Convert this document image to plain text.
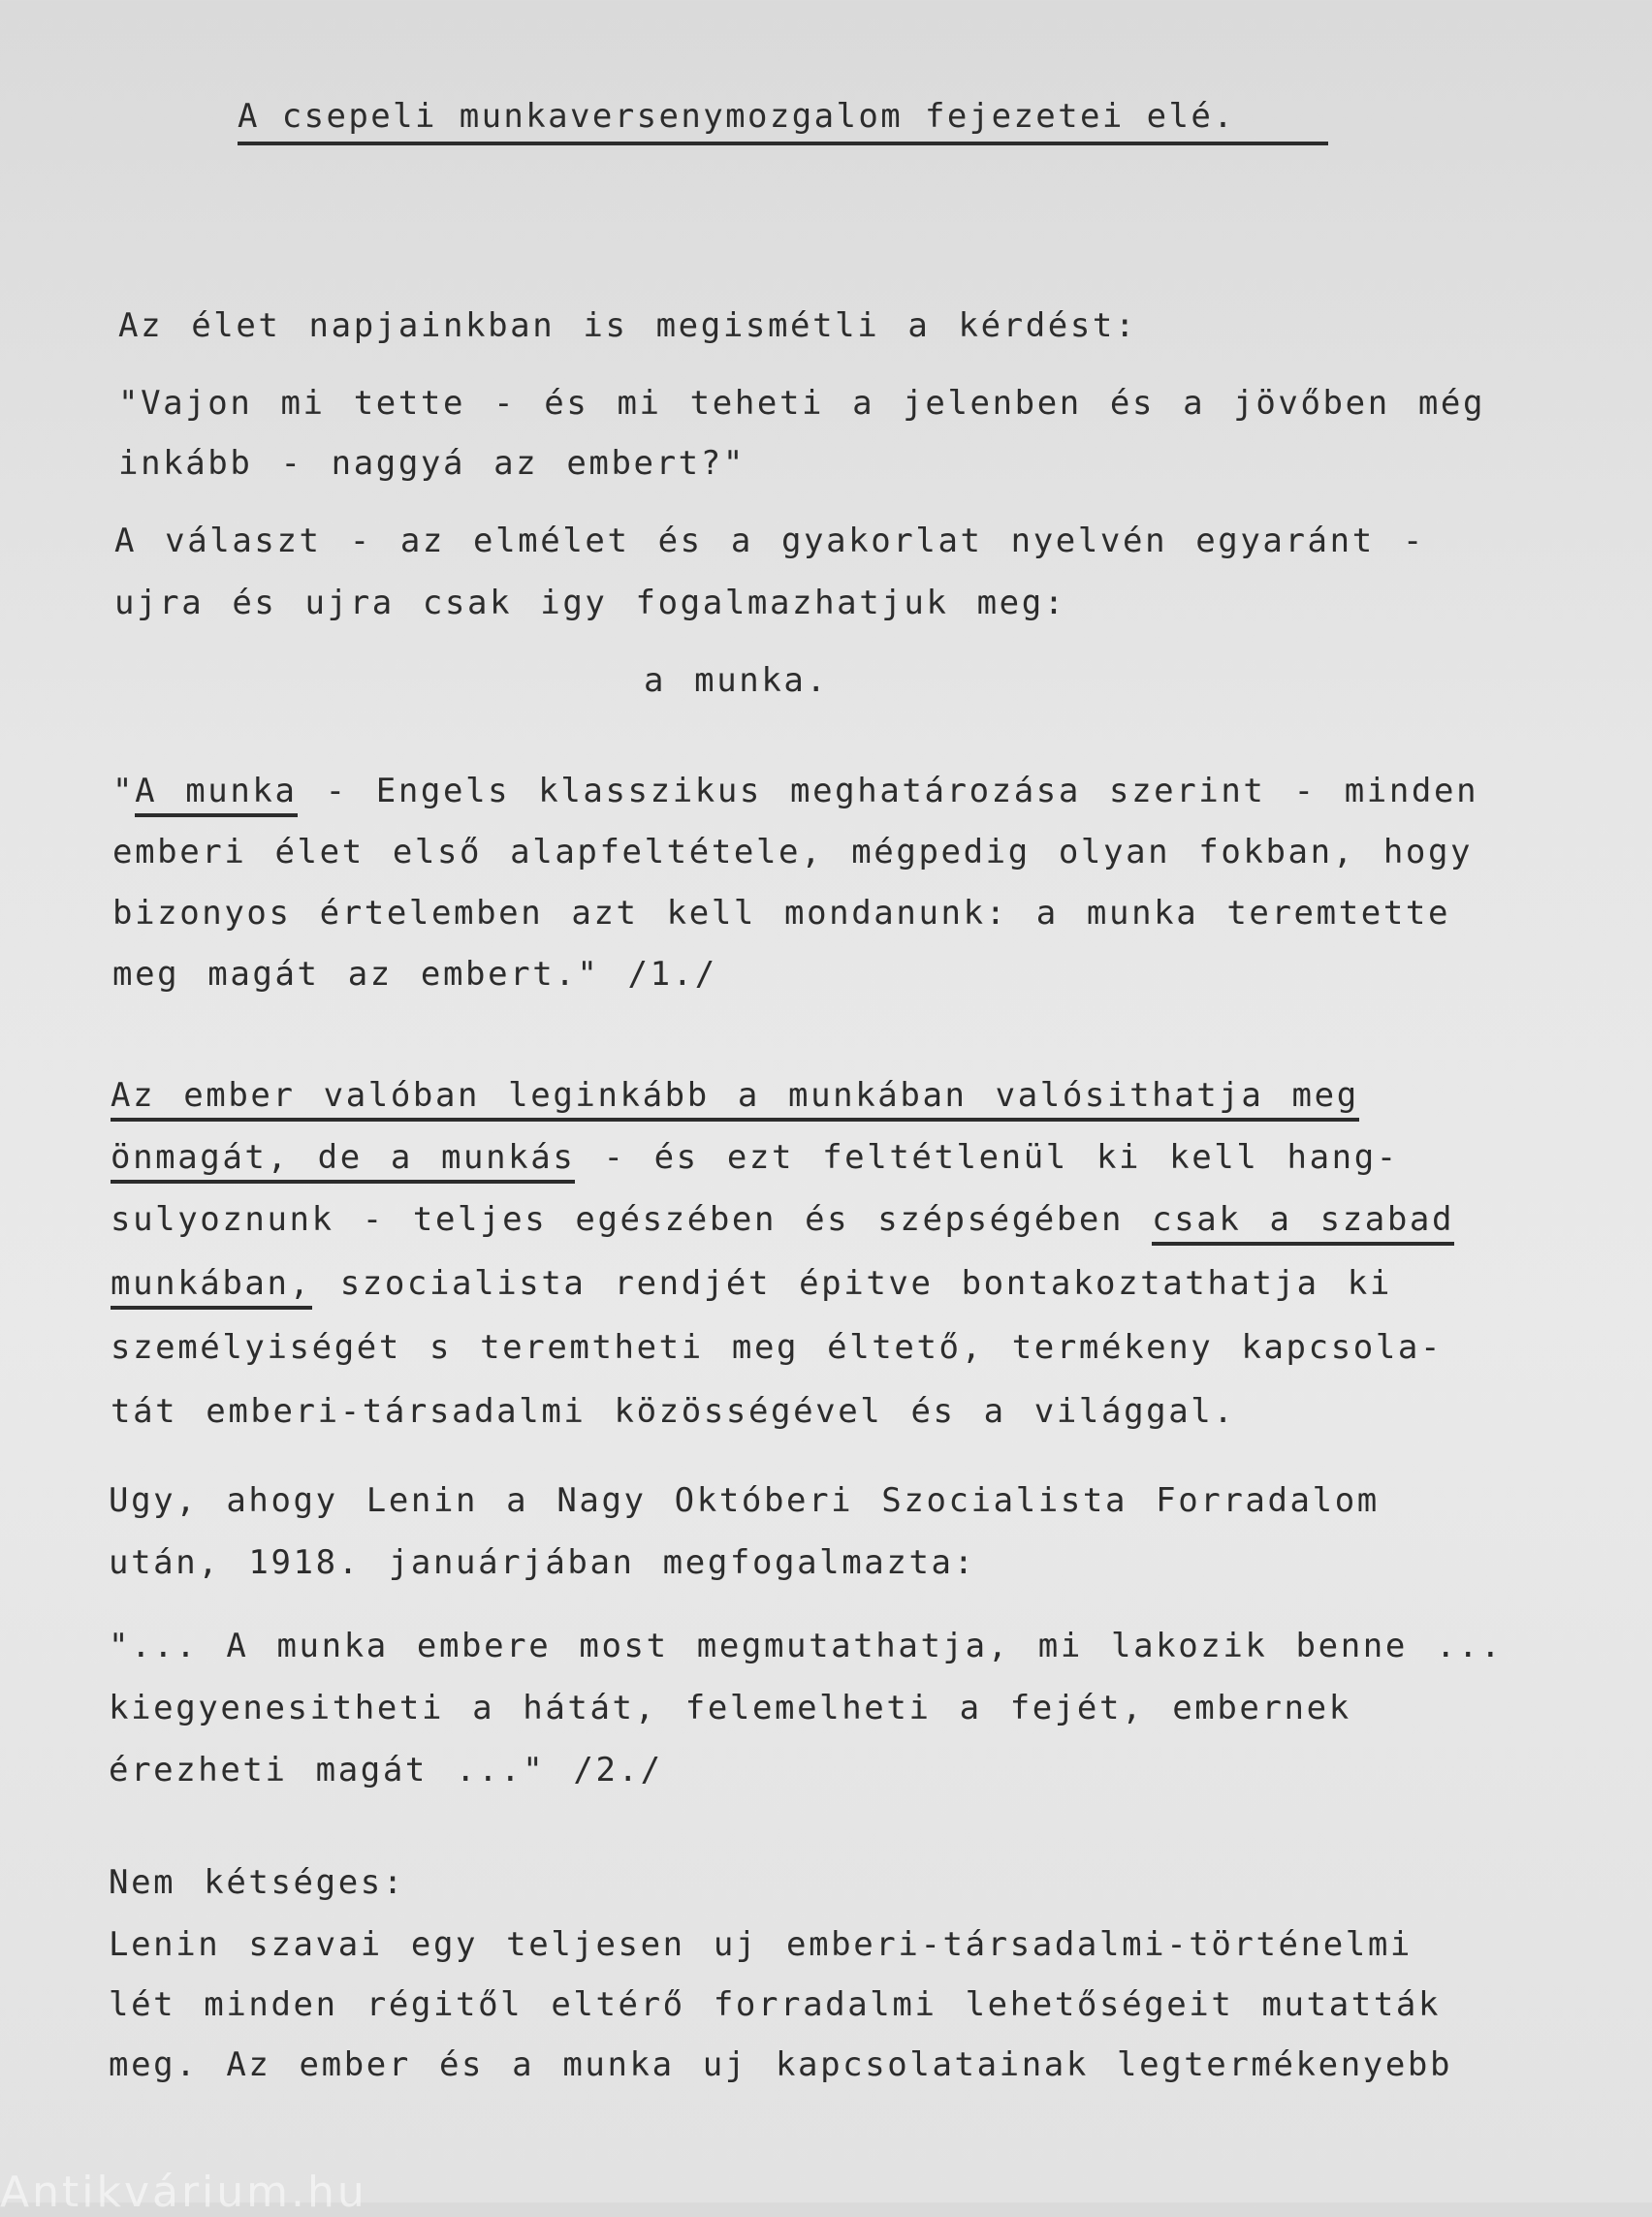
A csepeli munkaversenymozgalom fejezetei elé.
Az élet napjainkban is megismétli a kérdést:
"Vajon mi tette - és mi teheti a jelenben és a jövőben még
inkább - naggyá az embert?"
A választ - az elmélet és a gyakorlat nyelvén egyaránt -
ujra és ujra csak igy fogalmazhatjuk meg:
a munka.
"A munka - Engels klasszikus meghatározása szerint - minden
emberi élet első alapfeltétele, mégpedig olyan fokban, hogy
bizonyos értelemben azt kell mondanunk: a munka teremtette
meg magát az embert." /1./
Az ember valóban leginkább a munkában valósithatja meg
önmagát, de a munkás - és ezt feltétlenül ki kell hang-
sulyoznunk - teljes egészében és szépségében csak a szabad
munkában, szocialista rendjét épitve bontakoztathatja ki
személyiségét s teremtheti meg éltető, termékeny kapcsola-
tát emberi-társadalmi közösségével és a világgal.
Ugy, ahogy Lenin a Nagy Októberi Szocialista Forradalom
után, 1918. januárjában megfogalmazta:
"... A munka embere most megmutathatja, mi lakozik benne ...
kiegyenesitheti a hátát, felemelheti a fejét, embernek
érezheti magát ..." /2./
Nem kétséges:
Lenin szavai egy teljesen uj emberi-társadalmi-történelmi
lét minden régitől eltérő forradalmi lehetőségeit mutatták
meg. Az ember és a munka uj kapcsolatainak legtermékenyebb
Antikvárium.hu
